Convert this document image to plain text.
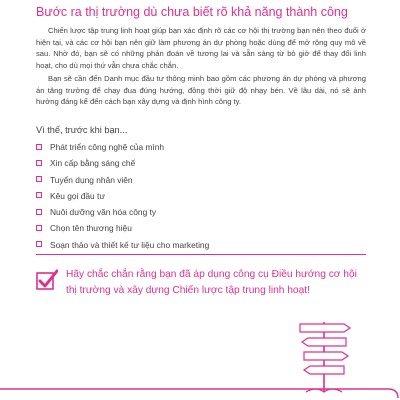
Bước ra thị trường dù chưa biết rõ khả năng thành công

Chiến lược tập trung linh hoạt giúp bạn xác định rõ các cơ hội thị trường bạn nên theo đuổi ở hiện tại, và các cơ hội bạn nên giữ làm phương án dự phòng hoặc dùng để mở rộng quy mô về sau. Nhờ đó, bạn sẽ có những phán đoán về tương lai và sẵn sàng từ bỏ giờ để thay đổi linh hoạt, cho dù mọi thứ vẫn chưa chắc chắn.

Bạn sẽ cần đến Danh mục đầu tư thông minh bao gồm các phương án dự phòng và phương án tăng trưởng để chạy đua đúng hướng, đồng thời giữ độ nhạy bén. Về lâu dài, nó sẽ ảnh hưởng đáng kể đến cách bạn xây dựng và định hình công ty.

Vì thế, trước khi bạn...

Phát triển công nghệ của mình
Xin cấp bằng sáng chế
Tuyển dụng nhân viên
Kêu gọi đầu tư
Nuôi dưỡng văn hóa công ty
Chọn tên thương hiệu
Soạn thảo và thiết kế tư liệu cho marketing

Hãy chắc chắn rằng bạn đã áp dụng công cụ Điều hướng cơ hội thị trường và xây dựng Chiến lược tập trung linh hoạt!
